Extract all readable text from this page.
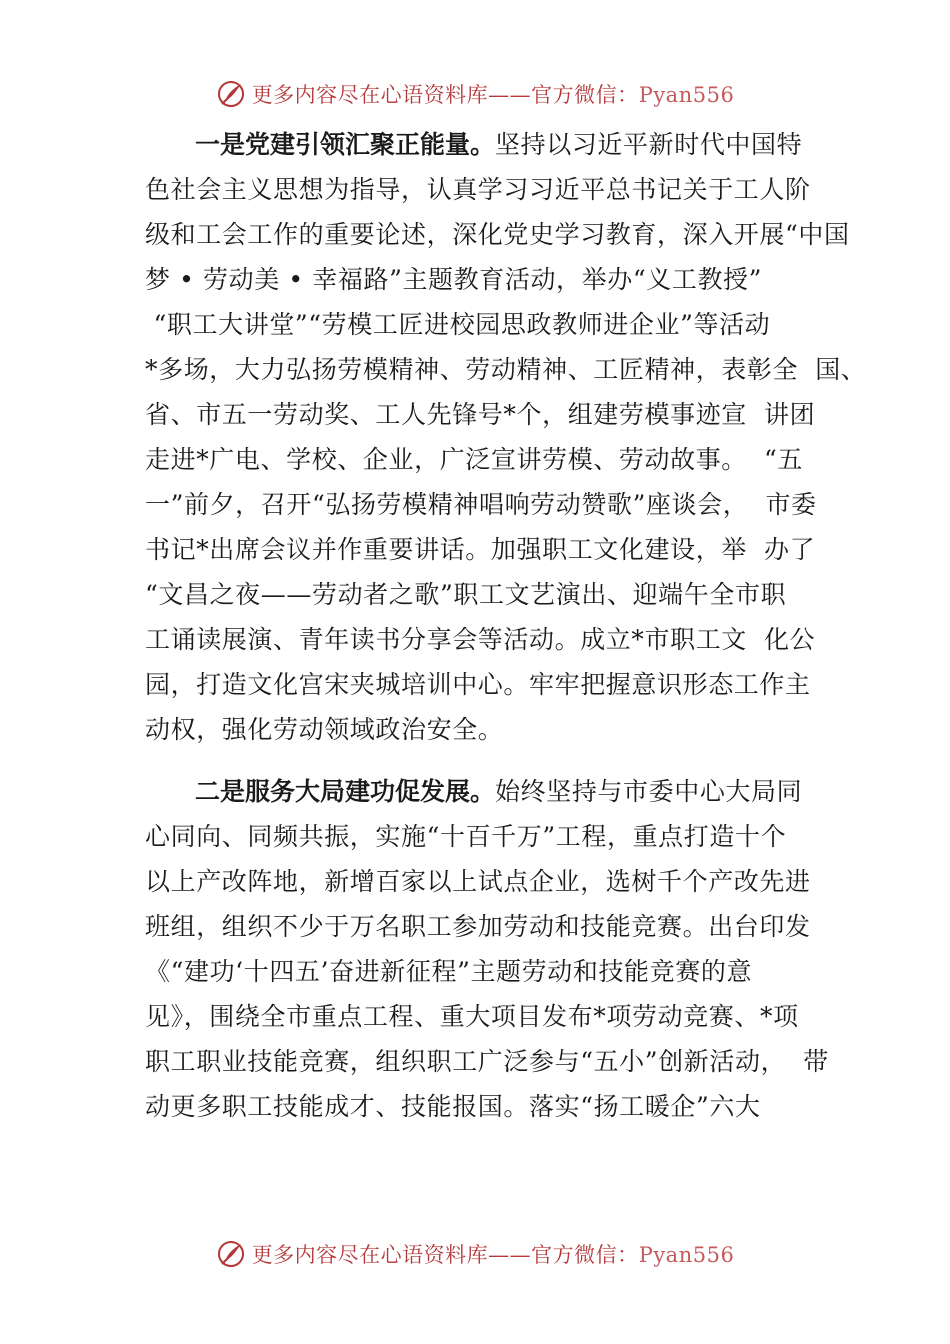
更多内容尽在心语资料库——官方微信：Pyan556
一是党建引领汇聚正能量。坚持以习近平新时代中国特
色社会主义思想为指导，认真学习习近平总书记关于工人阶
级和工会工作的重要论述，深化党史学习教育，深入开展“中国
梦 • 劳动美 • 幸福路”主题教育活动，举办“义工教授”
“职工大讲堂”“劳模工匠进校园思政教师进企业”等活动
*多场，大力弘扬劳模精神、劳动精神、工匠精神，表彰全  国、
省、市五一劳动奖、工人先锋号*个，组建劳模事迹宣  讲团
走进*广电、学校、企业，广泛宣讲劳模、劳动故事。  “五
一”前夕，召开“弘扬劳模精神唱响劳动赞歌”座谈会，  市委
书记*出席会议并作重要讲话。加强职工文化建设，举  办了
“文昌之夜——劳动者之歌”职工文艺演出、迎端午全市职
工诵读展演、青年读书分享会等活动。成立*市职工文  化公
园，打造文化宫宋夹城培训中心。牢牢把握意识形态工作主
动权，强化劳动领域政治安全。
二是服务大局建功促发展。始终坚持与市委中心大局同
心同向、同频共振，实施“十百千万”工程，重点打造十个
以上产改阵地，新增百家以上试点企业，选树千个产改先进
班组，组织不少于万名职工参加劳动和技能竞赛。出台印发
《“建功‘十四五’奋进新征程”主题劳动和技能竞赛的意
见》，围绕全市重点工程、重大项目发布*项劳动竞赛、*项
职工职业技能竞赛，组织职工广泛参与“五小”创新活动，  带
动更多职工技能成才、技能报国。落实“扬工暖企”六大
更多内容尽在心语资料库——官方微信：Pyan556
